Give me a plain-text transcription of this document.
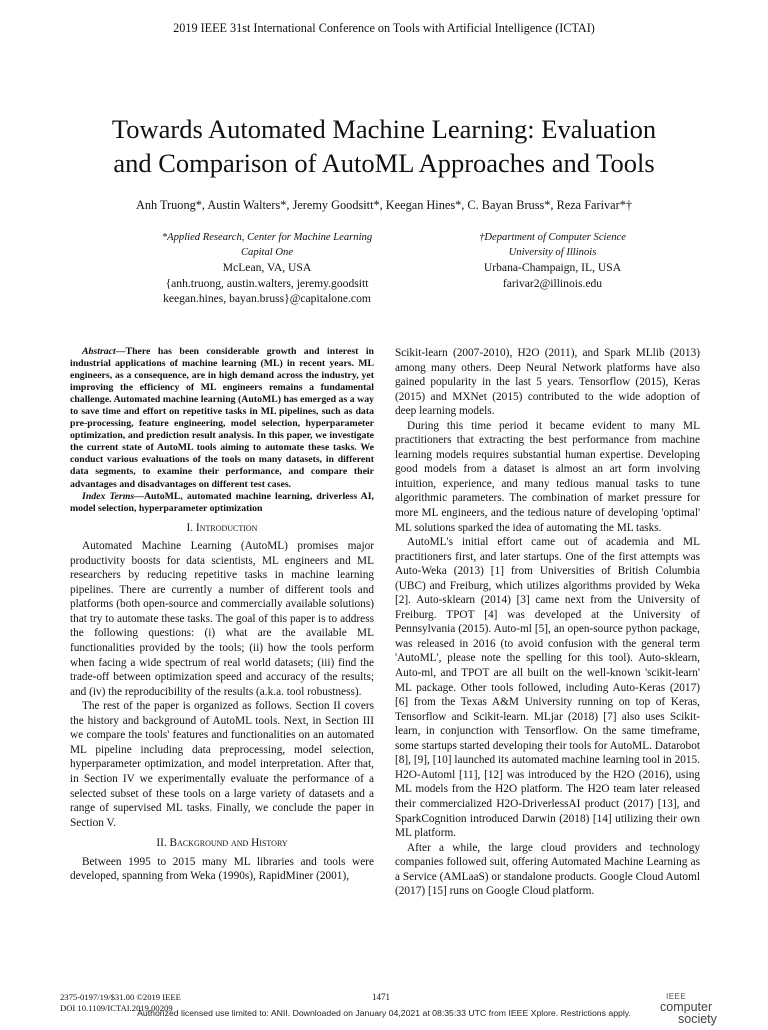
2019 IEEE 31st International Conference on Tools with Artificial Intelligence (ICTAI)
Towards Automated Machine Learning: Evaluation
and Comparison of AutoML Approaches and Tools
Anh Truong*, Austin Walters*, Jeremy Goodsitt*, Keegan Hines*, C. Bayan Bruss*, Reza Farivar*†
*Applied Research, Center for Machine Learning
Capital One
McLean, VA, USA
{anh.truong, austin.walters, jeremy.goodsitt
keegan.hines, bayan.bruss}@capitalone.com
†Department of Computer Science
University of Illinois
Urbana-Champaign, IL, USA
farivar2@illinois.edu

Abstract—There has been considerable growth and interest in industrial applications of machine learning (ML) in recent years. ML engineers, as a consequence, are in high demand across the industry, yet improving the efficiency of ML engineers remains a fundamental challenge. Automated machine learning (AutoML) has emerged as a way to save time and effort on repetitive tasks in ML pipelines, such as data pre-processing, feature engineering, model selection, hyperparameter optimization, and prediction result analysis. In this paper, we investigate the current state of AutoML tools aiming to automate these tasks. We conduct various evaluations of the tools on many datasets, in different data segments, to examine their performance, and compare their advantages and disadvantages on different test cases.

Index Terms—AutoML, automated machine learning, driverless AI, model selection, hyperparameter optimization

I. Introduction

Automated Machine Learning (AutoML) promises major productivity boosts for data scientists, ML engineers and ML researchers by reducing repetitive tasks in machine learning pipelines. There are currently a number of different tools and platforms (both open-source and commercially available solutions) that try to automate these tasks. The goal of this paper is to address the following questions: (i) what are the available ML functionalities provided by the tools; (ii) how the tools perform when facing a wide spectrum of real world datasets; (iii) find the trade-off between optimization speed and accuracy of the results; and (iv) the reproducibility of the results (a.k.a. tool robustness).

The rest of the paper is organized as follows. Section II covers the history and background of AutoML tools. Next, in Section III we compare the tools' features and functionalities on an automated ML pipeline including data preprocessing, model selection, hyperparameter optimization, and model interpretation. After that, in Section IV we experimentally evaluate the performance of a selected subset of these tools on a large variety of datasets and a range of supervised ML tasks. Finally, we conclude the paper in Section V.

II. Background and History

Between 1995 to 2015 many ML libraries and tools were developed, spanning from Weka (1990s), RapidMiner (2001),

Scikit-learn (2007-2010), H2O (2011), and Spark MLlib (2013) among many others. Deep Neural Network platforms have also gained popularity in the last 5 years. Tensorflow (2015), Keras (2015) and MXNet (2015) contributed to the wide adoption of deep learning models.

During this time period it became evident to many ML practitioners that extracting the best performance from machine learning models requires substantial human expertise. Developing good models from a dataset is almost an art form involving intuition, experience, and many tedious manual tasks to tune algorithmic parameters. The combination of market pressure for more ML engineers, and the tedious nature of developing 'optimal' ML solutions sparked the idea of automating the ML tasks.

AutoML's initial effort came out of academia and ML practitioners first, and later startups. One of the first attempts was Auto-Weka (2013) [1] from Universities of British Columbia (UBC) and Freiburg, which utilizes algorithms provided by Weka [2]. Auto-sklearn (2014) [3] came next from the University of Freiburg. TPOT [4] was developed at the University of Pennsylvania (2015). Auto-ml [5], an open-source python package, was released in 2016 (to avoid confusion with the general term 'AutoML', please note the spelling for this tool). Auto-sklearn, Auto-ml, and TPOT are all built on the well-known 'scikit-learn' ML package. Other tools followed, including Auto-Keras (2017) [6] from the Texas A&M University running on top of Keras, Tensorflow and Scikit-learn. MLjar (2018) [7] also uses Scikit-learn, in conjunction with Tensorflow. On the same timeframe, some startups started developing their tools for AutoML. Datarobot [8], [9], [10] launched its automated machine learning tool in 2015. H2O-Automl [11], [12] was introduced by the H2O (2016), using ML models from the H2O platform. The H2O team later released their commercialized H2O-DriverlessAI product (2017) [13], and SparkCognition introduced Darwin (2018) [14] utilizing their own ML platform.

After a while, the large cloud providers and technology companies followed suit, offering Automated Machine Learning as a Service (AMLaaS) or standalone products. Google Cloud Automl (2017) [15] runs on Google Cloud platform.

2375-0197/19/$31.00 ©2019 IEEE
DOI 10.1109/ICTAI.2019.00209
1471	IEEE
computer
society
Authorized licensed use limited to: ANII. Downloaded on January 04,2021 at 08:35:33 UTC from IEEE Xplore. Restrictions apply.
